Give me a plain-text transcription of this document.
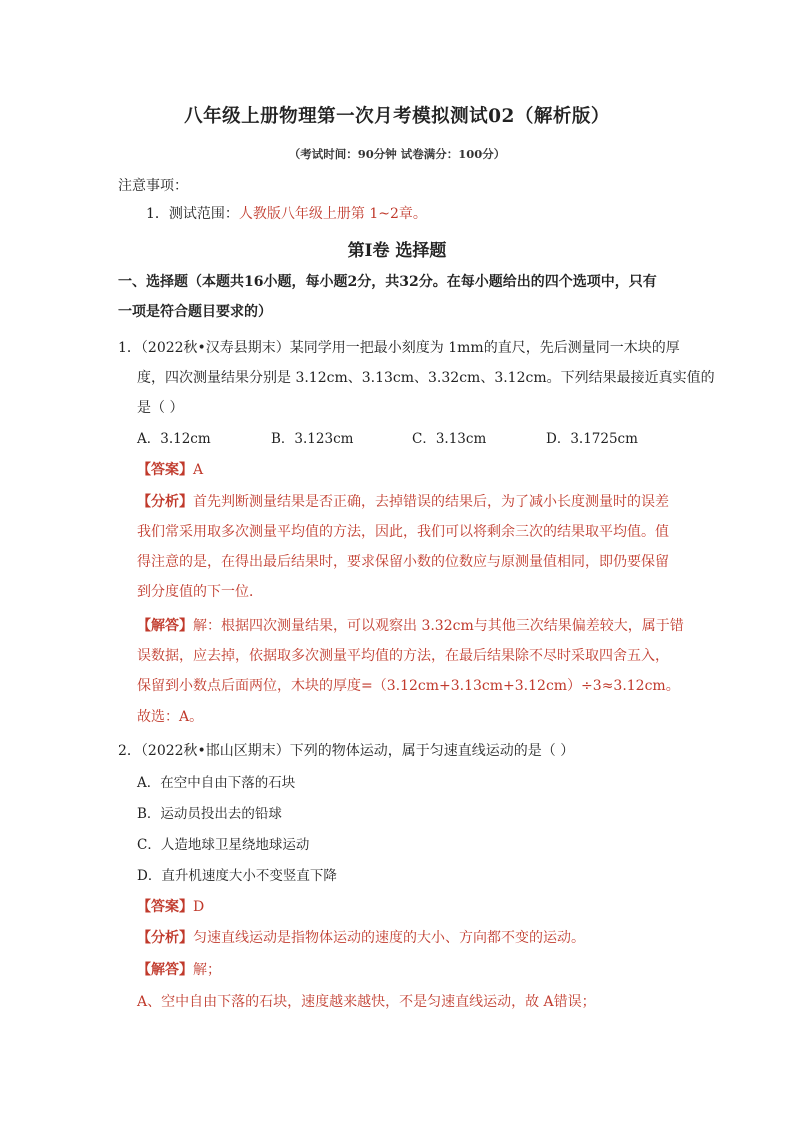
八年级上册物理第一次月考模拟测试02（解析版）
（考试时间：90分钟 试卷满分：100分）
注意事项：
1．测试范围：人教版八年级上册第 1~2章。
第Ⅰ卷 选择题
一、选择题（本题共16小题，每小题2分，共32分。在每小题给出的四个选项中，只有
一项是符合题目要求的）
1．（2022秋•汉寿县期末）某同学用一把最小刻度为 1mm的直尺，先后测量同一木块的厚
度，四次测量结果分别是 3.12cm、3.13cm、3.32cm、3.12cm。下列结果最接近真实值的
是（ ）
A．3.12cm	B．3.123cm	C．3.13cm	D．3.1725cm
【答案】A
【分析】首先判断测量结果是否正确，去掉错误的结果后，为了减小长度测量时的误差
我们常采用取多次测量平均值的方法，因此，我们可以将剩余三次的结果取平均值。值
得注意的是，在得出最后结果时，要求保留小数的位数应与原测量值相同，即仍要保留
到分度值的下一位．
【解答】解：根据四次测量结果，可以观察出 3.32cm与其他三次结果偏差较大，属于错
误数据，应去掉，依据取多次测量平均值的方法，在最后结果除不尽时采取四舍五入，
保留到小数点后面两位，木块的厚度=（3.12cm+3.13cm+3.12cm）÷3≈3.12cm。
故选：A。
2．（2022秋•邯山区期末）下列的物体运动，属于匀速直线运动的是（ ）
A．在空中自由下落的石块
B．运动员投出去的铅球
C．人造地球卫星绕地球运动
D．直升机速度大小不变竖直下降
【答案】D
【分析】匀速直线运动是指物体运动的速度的大小、方向都不变的运动。
【解答】解；
A、空中自由下落的石块，速度越来越快，不是匀速直线运动，故 A错误；
